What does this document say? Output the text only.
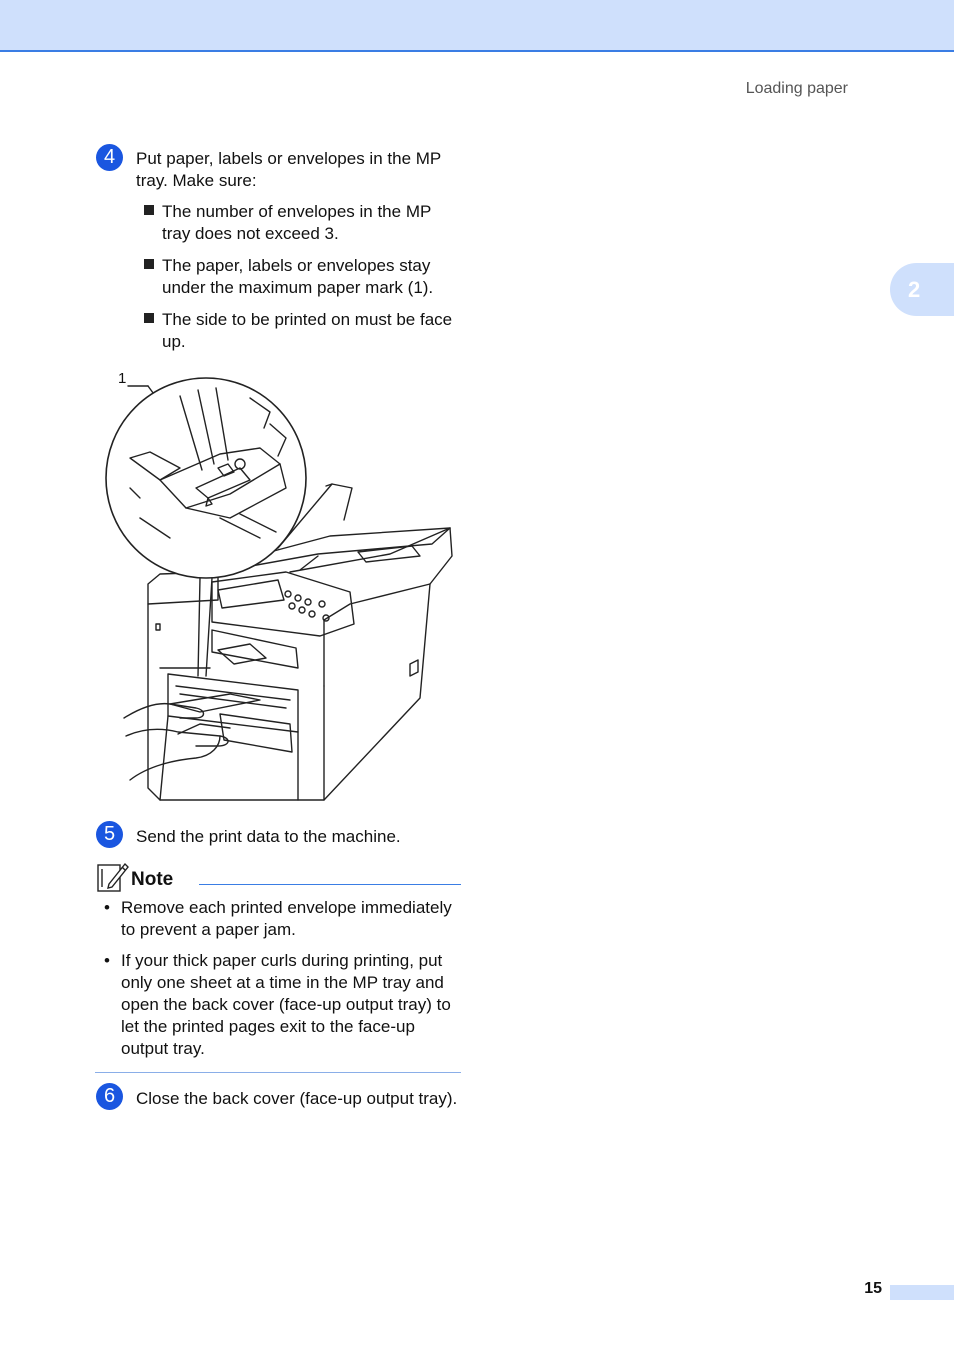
Loading paper
2
4	Put paper, labels or envelopes in the MP tray. Make sure:
The number of envelopes in the MP tray does not exceed 3.
The paper, labels or envelopes stay under the maximum paper mark (1).
The side to be printed on must be face up.
1
5	Send the print data to the machine.
Note
• Remove each printed envelope immediately to prevent a paper jam.
• If your thick paper curls during printing, put only one sheet at a time in the MP tray and open the back cover (face-up output tray) to let the printed pages exit to the face-up output tray.
6	Close the back cover (face-up output tray).
15
